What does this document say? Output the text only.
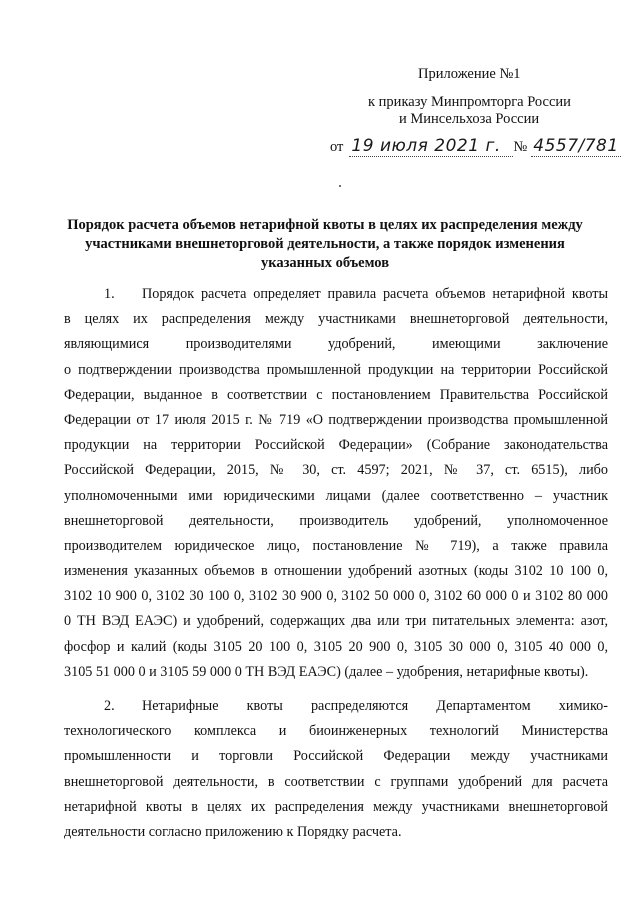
Приложение №1
к приказу Минпромторга России
и Минсельхоза России
от 19 июля 2021 г. № 4557/781
Порядок расчета объемов нетарифной квоты в целях их распределения между
участниками внешнеторговой деятельности, а также порядок изменения
указанных объемов
1.	Порядок расчета определяет правила расчета объемов нетарифной квоты
в целях их распределения между участниками внешнеторговой деятельности,
являющимися производителями удобрений, имеющими заключение
о подтверждении производства промышленной продукции на территории Российской
Федерации, выданное в соответствии с постановлением Правительства Российской
Федерации от 17 июля 2015 г. № 719 «О подтверждении производства промышленной
продукции на территории Российской Федерации» (Собрание законодательства
Российской Федерации, 2015, № 30, ст. 4597; 2021, № 37, ст. 6515), либо
уполномоченными ими юридическими лицами (далее соответственно – участник
внешнеторговой деятельности, производитель удобрений, уполномоченное
производителем юридическое лицо, постановление № 719), а также правила
изменения указанных объемов в отношении удобрений азотных (коды 3102 10 100 0,
3102 10 900 0, 3102 30 100 0, 3102 30 900 0, 3102 50 000 0, 3102 60 000 0 и 3102 80 000
0 ТН ВЭД ЕАЭС) и удобрений, содержащих два или три питательных элемента: азот,
фосфор и калий (коды 3105 20 100 0, 3105 20 900 0, 3105 30 000 0, 3105 40 000 0,
3105 51 000 0 и 3105 59 000 0 ТН ВЭД ЕАЭС) (далее – удобрения, нетарифные квоты).
2.	Нетарифные квоты распределяются Департаментом химико-
технологического комплекса и биоинженерных технологий Министерства
промышленности и торговли Российской Федерации между участниками
внешнеторговой деятельности, в соответствии с группами удобрений для расчета
нетарифной квоты в целях их распределения между участниками внешнеторговой
деятельности согласно приложению к Порядку расчета.
